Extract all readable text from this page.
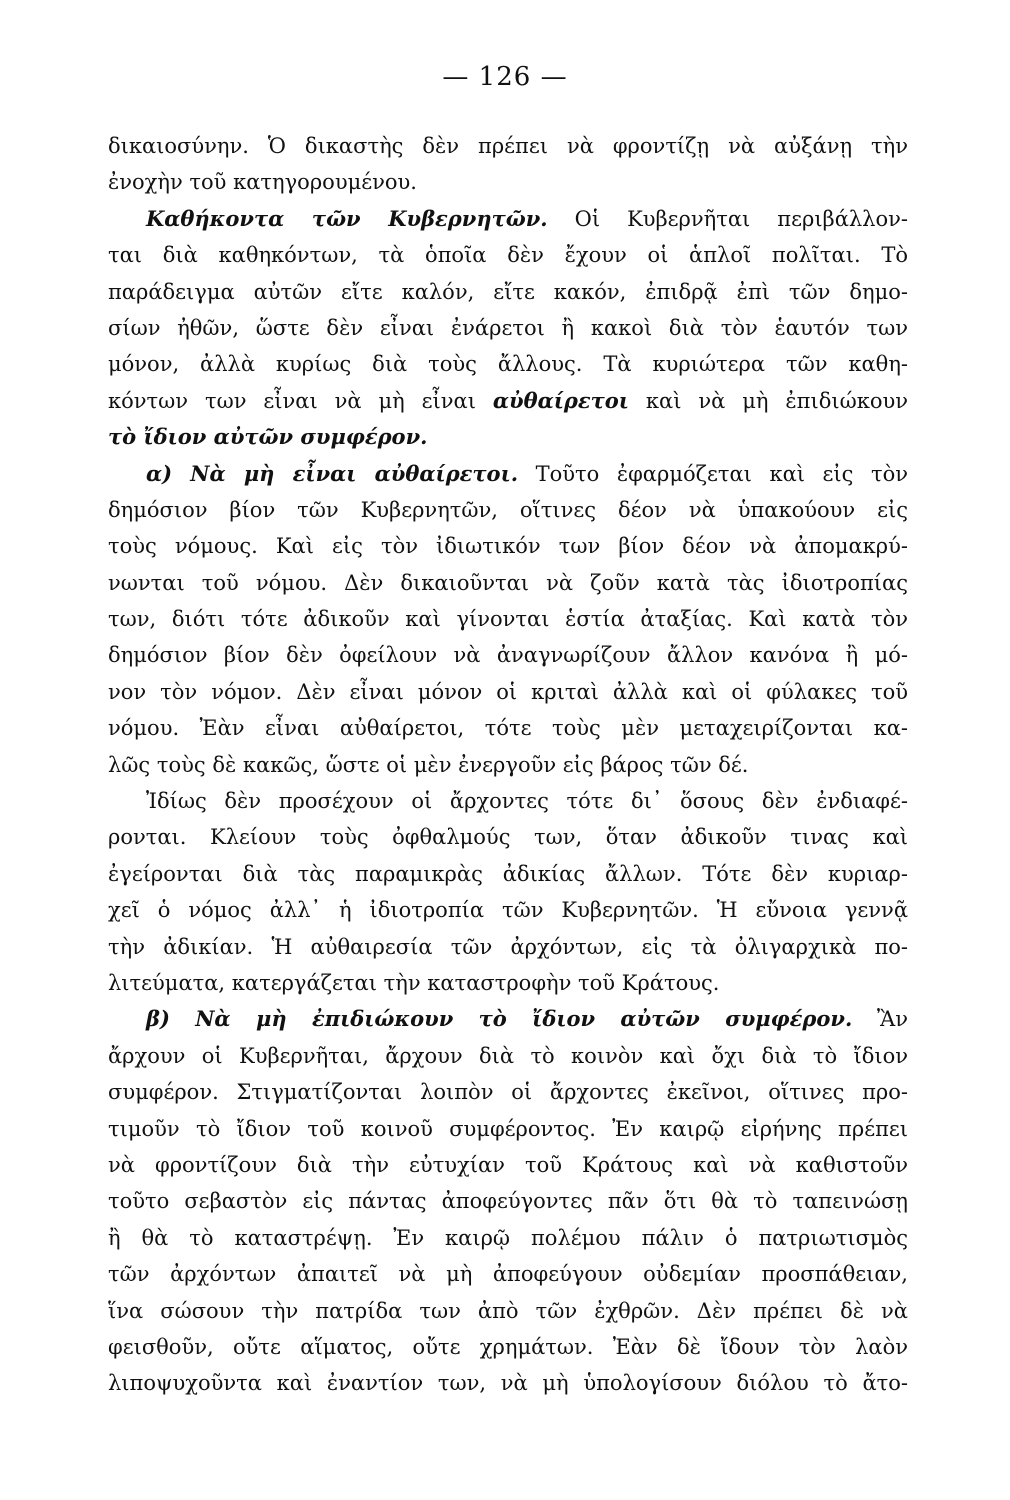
— 126 —
δικαιοσύνην. Ὁ δικαστὴς δὲν πρέπει νὰ φροντίζῃ νὰ αὐξάνῃ τὴν
ἐνοχὴν τοῦ κατηγορουμένου.
Καθήκοντα τῶν Κυβερνητῶν. Οἱ Κυβερνῆται περιβάλλον-
ται διὰ καθηκόντων, τὰ ὁποῖα δὲν ἔχουν οἱ ἁπλοῖ πολῖται. Τὸ
παράδειγμα αὐτῶν εἴτε καλόν, εἴτε κακόν, ἐπιδρᾷ ἐπὶ τῶν δημο-
σίων ἠθῶν, ὥστε δὲν εἶναι ἐνάρετοι ἢ κακοὶ διὰ τὸν ἑαυτόν των
μόνον, ἀλλὰ κυρίως διὰ τοὺς ἄλλους. Τὰ κυριώτερα τῶν καθη-
κόντων των εἶναι νὰ μὴ εἶναι αὐθαίρετοι καὶ νὰ μὴ ἐπιδιώκουν
τὸ ἴδιον αὐτῶν συμφέρον.
α) Νὰ μὴ εἶναι αὐθαίρετοι. Τοῦτο ἐφαρμόζεται καὶ εἰς τὸν
δημόσιον βίον τῶν Κυβερνητῶν, οἵτινες δέον νὰ ὑπακούουν εἰς
τοὺς νόμους. Καὶ εἰς τὸν ἰδιωτικόν των βίον δέον νὰ ἀπομακρύ-
νωνται τοῦ νόμου. Δὲν δικαιοῦνται νὰ ζοῦν κατὰ τὰς ἰδιοτροπίας
των, διότι τότε ἀδικοῦν καὶ γίνονται ἑστία ἀταξίας. Καὶ κατὰ τὸν
δημόσιον βίον δὲν ὀφείλουν νὰ ἀναγνωρίζουν ἄλλον κανόνα ἢ μό-
νον τὸν νόμον. Δὲν εἶναι μόνον οἱ κριταὶ ἀλλὰ καὶ οἱ φύλακες τοῦ
νόμου. Ἐὰν εἶναι αὐθαίρετοι, τότε τοὺς μὲν μεταχειρίζονται κα-
λῶς τοὺς δὲ κακῶς, ὥστε οἱ μὲν ἐνεργοῦν εἰς βάρος τῶν δέ.
Ἰδίως δὲν προσέχουν οἱ ἄρχοντες τότε δι᾽ ὅσους δὲν ἐνδιαφέ-
ρονται. Κλείουν τοὺς ὀφθαλμούς των, ὅταν ἀδικοῦν τινας καὶ
ἐγείρονται διὰ τὰς παραμικρὰς ἀδικίας ἄλλων. Τότε δὲν κυριαρ-
χεῖ ὁ νόμος ἀλλ᾽ ἡ ἰδιοτροπία τῶν Κυβερνητῶν. Ἡ εὔνοια γεννᾷ
τὴν ἀδικίαν. Ἡ αὐθαιρεσία τῶν ἀρχόντων, εἰς τὰ ὀλιγαρχικὰ πο-
λιτεύματα, κατεργάζεται τὴν καταστροφὴν τοῦ Κράτους.
β) Νὰ μὴ ἐπιδιώκουν τὸ ἴδιον αὐτῶν συμφέρον. Ἂν
ἄρχουν οἱ Κυβερνῆται, ἄρχουν διὰ τὸ κοινὸν καὶ ὄχι διὰ τὸ ἴδιον
συμφέρον. Στιγματίζονται λοιπὸν οἱ ἄρχοντες ἐκεῖνοι, οἵτινες προ-
τιμοῦν τὸ ἴδιον τοῦ κοινοῦ συμφέροντος. Ἐν καιρῷ εἰρήνης πρέπει
νὰ φροντίζουν διὰ τὴν εὐτυχίαν τοῦ Κράτους καὶ νὰ καθιστοῦν
τοῦτο σεβαστὸν εἰς πάντας ἀποφεύγοντες πᾶν ὅτι θὰ τὸ ταπεινώσῃ
ἢ θὰ τὸ καταστρέψῃ. Ἐν καιρῷ πολέμου πάλιν ὁ πατριωτισμὸς
τῶν ἀρχόντων ἀπαιτεῖ νὰ μὴ ἀποφεύγουν οὐδεμίαν προσπάθειαν,
ἵνα σώσουν τὴν πατρίδα των ἀπὸ τῶν ἐχθρῶν. Δὲν πρέπει δὲ νὰ
φεισθοῦν, οὔτε αἵματος, οὔτε χρημάτων. Ἐὰν δὲ ἴδουν τὸν λαὸν
λιποψυχοῦντα καὶ ἐναντίον των, νὰ μὴ ὑπολογίσουν διόλου τὸ ἄτο-
